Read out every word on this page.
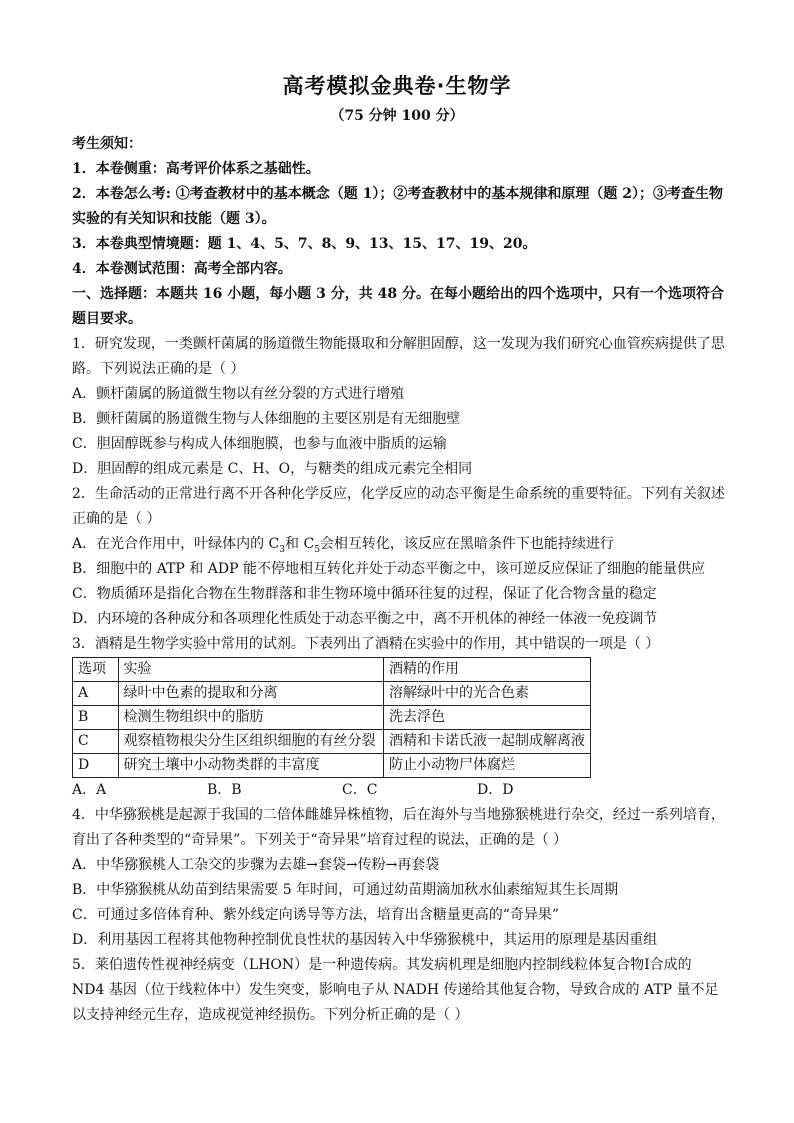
高考模拟金典卷·生物学
（75 分钟 100 分）

考生须知：

1．本卷侧重：高考评价体系之基础性。

2．本卷怎么考: ①考查教材中的基本概念（题 1）；②考查教材中的基本规律和原理（题 2）；③考查生物实验的有关知识和技能（题 3）。

3．本卷典型情境题：题 1、4、5、7、8、9、13、15、17、19、20。

4．本卷测试范围：高考全部内容。

一、选择题：本题共 16 小题，每小题 3 分，共 48 分。在每小题给出的四个选项中，只有一个选项符合题目要求。

1．研究发现，一类颤杆菌属的肠道微生物能摄取和分解胆固醇，这一发现为我们研究心血管疾病提供了思路。下列说法正确的是（ ）

A．颤杆菌属的肠道微生物以有丝分裂的方式进行增殖

B．颤杆菌属的肠道微生物与人体细胞的主要区别是有无细胞壁

C．胆固醇既参与构成人体细胞膜，也参与血液中脂质的运输

D．胆固醇的组成元素是 C、H、O，与糖类的组成元素完全相同

2．生命活动的正常进行离不开各种化学反应，化学反应的动态平衡是生命系统的重要特征。下列有关叙述正确的是（ ）

A．在光合作用中，叶绿体内的 $C_3$和 $C_5$会相互转化，该反应在黑暗条件下也能持续进行

B．细胞中的 ATP 和 ADP 能不停地相互转化并处于动态平衡之中，该可逆反应保证了细胞的能量供应

C．物质循环是指化合物在生物群落和非生物环境中循环往复的过程，保证了化合物含量的稳定

D．内环境的各种成分和各项理化性质处于动态平衡之中，离不开机体的神经一体液一免疫调节

3．酒精是生物学实验中常用的试剂。下表列出了酒精在实验中的作用，其中错误的一项是（ ）

选项	实验	酒精的作用
A	绿叶中色素的提取和分离	溶解绿叶中的光合色素
B	检测生物组织中的脂肪	洗去浮色
C	观察植物根尖分生区组织细胞的有丝分裂	酒精和卡诺氏液一起制成解离液
D	研究土壤中小动物类群的丰富度	防止小动物尸体腐烂

A．A	B．B	C．C	D．D

4．中华猕猴桃是起源于我国的二倍体雌雄异株植物，后在海外与当地猕猴桃进行杂交，经过一系列培育，育出了各种类型的“奇异果”。下列关于“奇异果”培育过程的说法，正确的是（ ）

A．中华猕猴桃人工杂交的步骤为去雄→套袋→传粉→再套袋

B．中华猕猴桃从幼苗到结果需要 5 年时间，可通过幼苗期滴加秋水仙素缩短其生长周期

C．可通过多倍体育种、紫外线定向诱导等方法，培育出含糖量更高的“奇异果”

D．利用基因工程将其他物种控制优良性状的基因转入中华猕猴桃中，其运用的原理是基因重组

5．莱伯遗传性视神经病变（LHON）是一种遗传病。其发病机理是细胞内控制线粒体复合物Ⅰ合成的 ND4 基因（位于线粒体中）发生突变，影响电子从 NADH 传递给其他复合物，导致合成的 ATP 量不足以支持神经元生存，造成视觉神经损伤。下列分析正确的是（ ）
